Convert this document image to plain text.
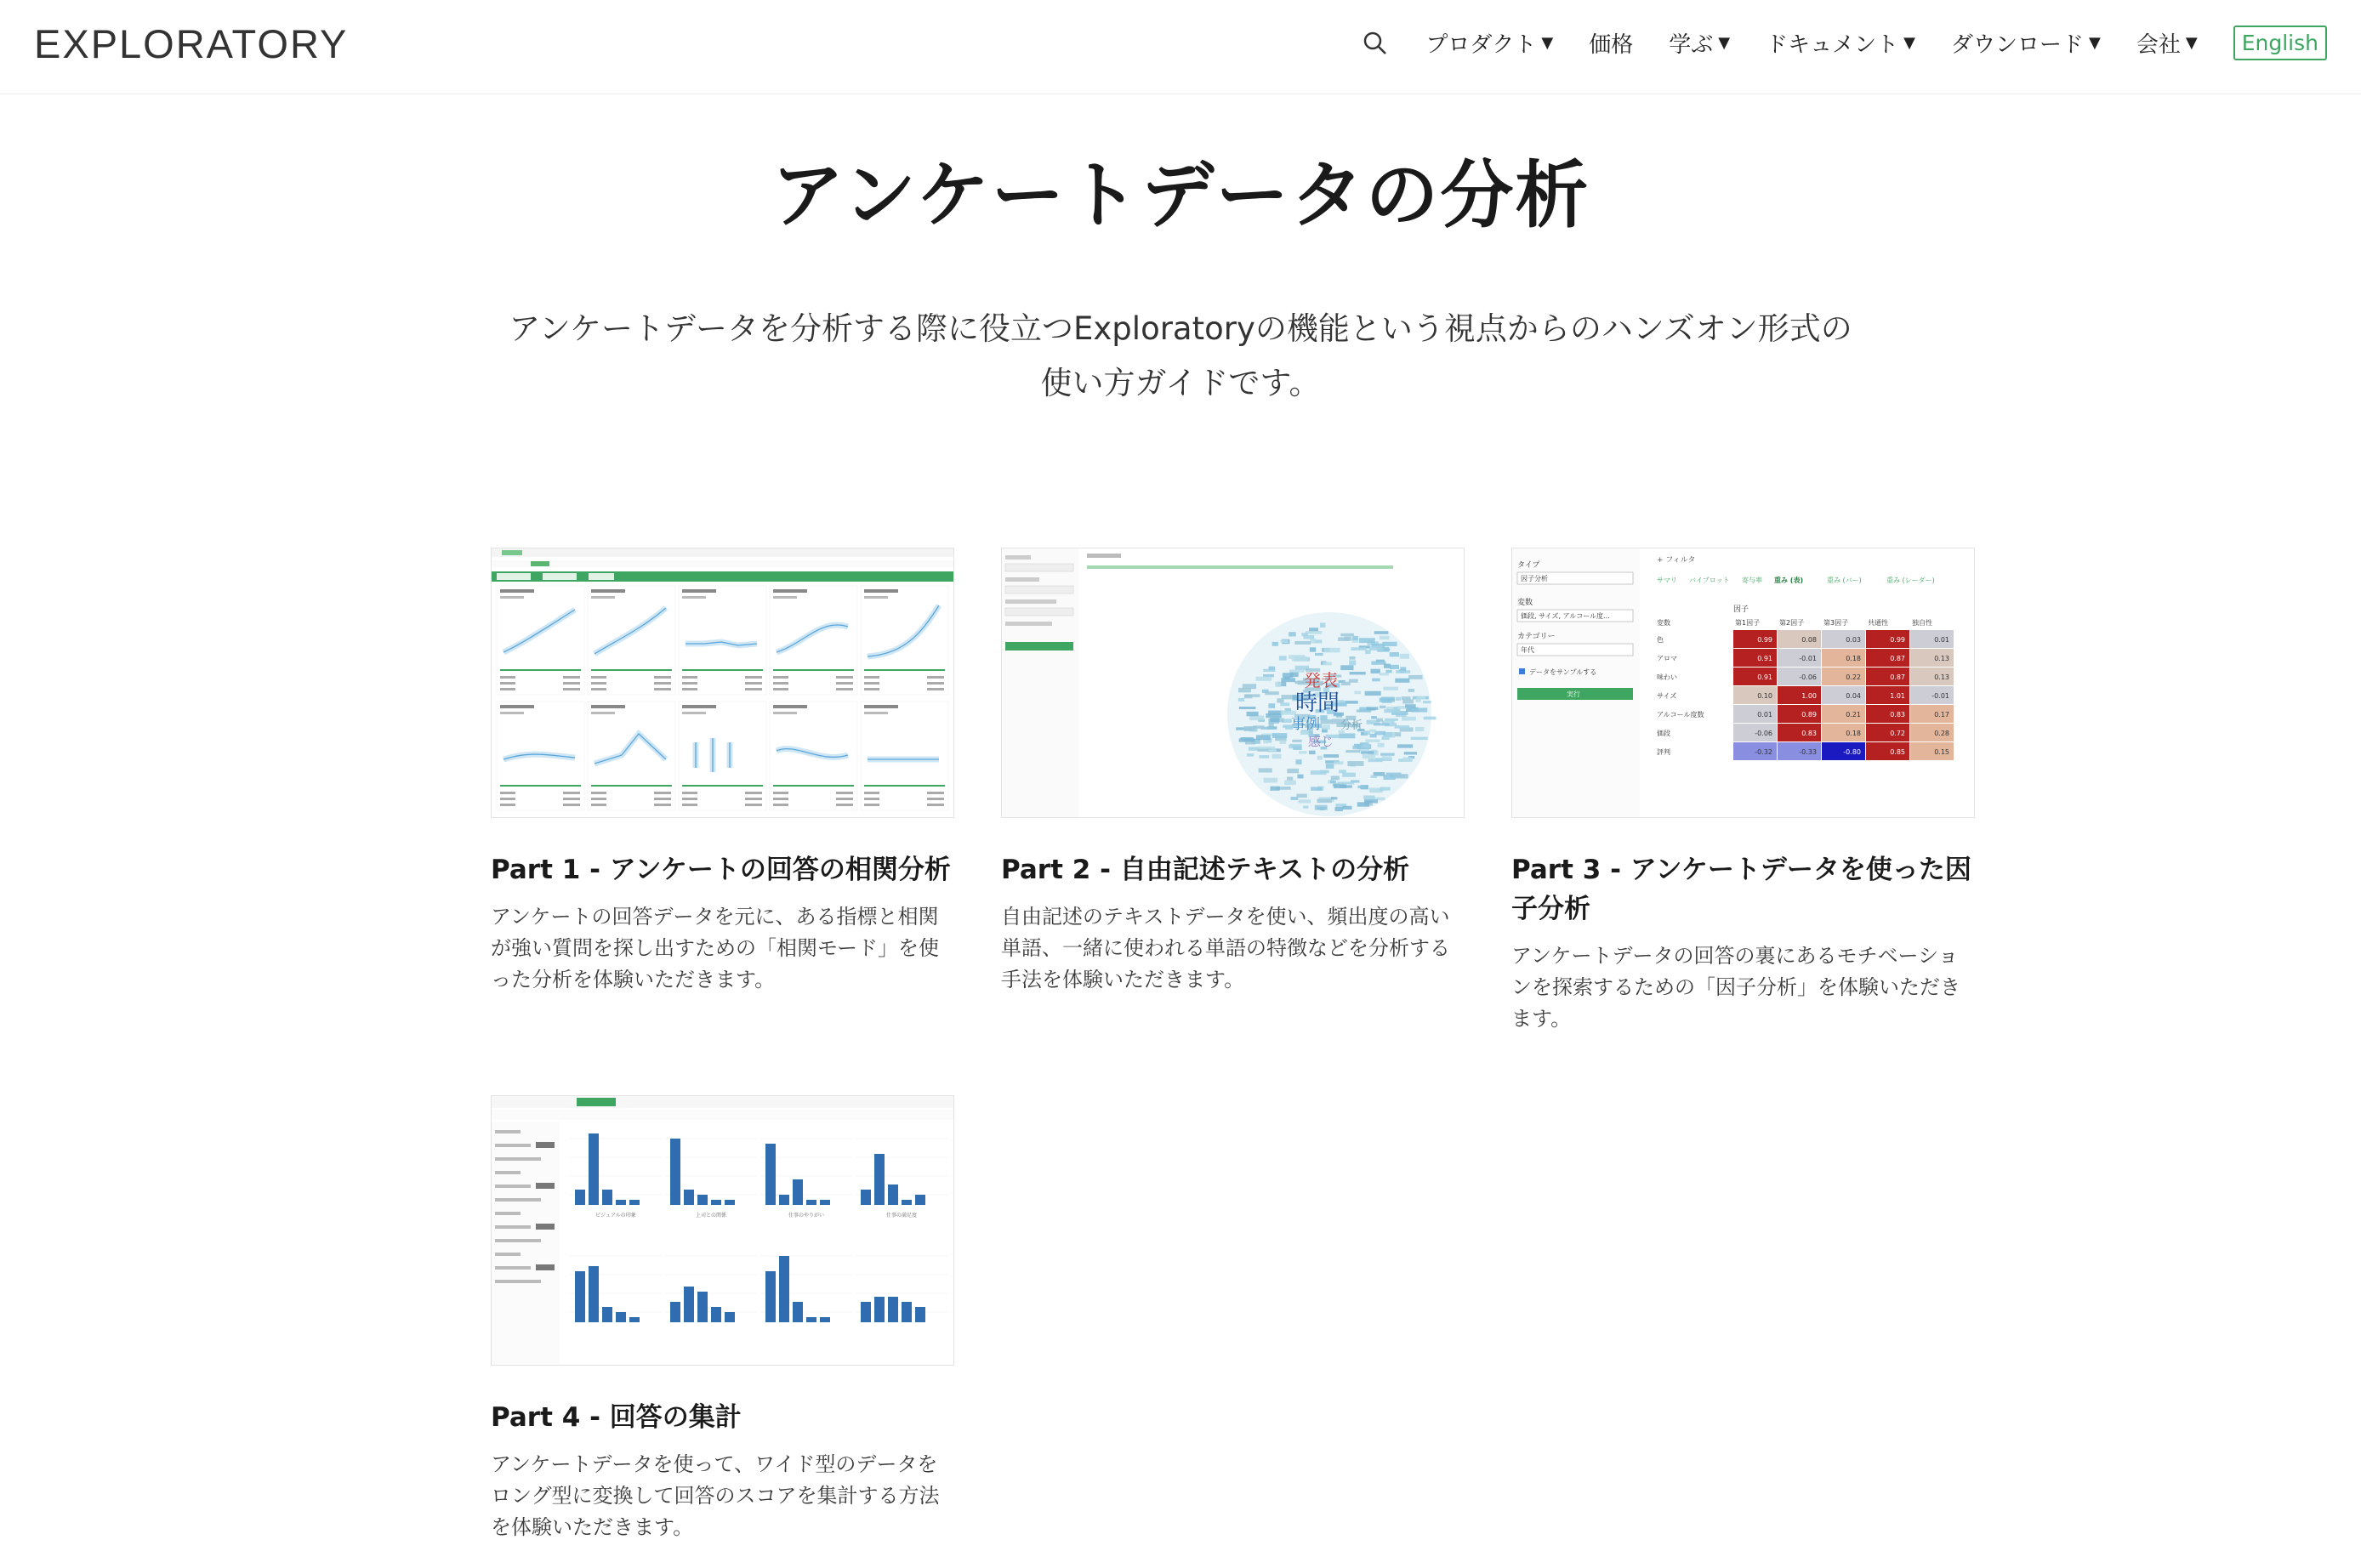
EXPLORATORY	プロダクト ▼ 価格 学ぶ ▼ ドキュメント ▼ ダウンロード ▼ 会社 ▼	English
アンケートデータの分析
アンケートデータを分析する際に役立つExploratoryの機能という視点からのハンズオン形式の使い方ガイドです。
Part 1 - アンケートの回答の相関分析
アンケートの回答データを元に、ある指標と相関が強い質問を探し出すための「相関モード」を使った分析を体験いただきます。
時間
発表
事例
感じ
分析
Part 2 - 自由記述テキストの分析
自由記述のテキストデータを使い、頻出度の高い単語、一緒に使われる単語の特徴などを分析する手法を体験いただきます。
タイプ
因子分析
変数
価段, サイズ, アルコール度...
カテゴリー
年代
データをサンプルする
実行
+ フィルタ
サマリ バイプロット 寄与率 重み (表)	重み (バー)	重み (レーダー)
因子
変数	第1因子	第2因子	第3因子	共通性	独自性
色	0.99	0.08	0.03	0.99	0.01
アロマ	0.91	-0.01	0.18	0.87	0.13
味わい	0.91	-0.06	0.22	0.87	0.13
サイズ	0.10	1.00	0.04	1.01	-0.01
アルコール度数	0.01	0.89	0.21	0.83	0.17
価段	-0.06	0.83	0.18	0.72	0.28
評判	-0.32	-0.33	-0.80	0.85	0.15
Part 3 - アンケートデータを使った因子分析
アンケートデータの回答の裏にあるモチベーションを探索するための「因子分析」を体験いただきます。
ビジュアルの印象	上司との関係	仕事のやりがい	仕事の満足度
Part 4 - 回答の集計
アンケートデータを使って、ワイド型のデータをロング型に変換して回答のスコアを集計する方法を体験いただきます。
